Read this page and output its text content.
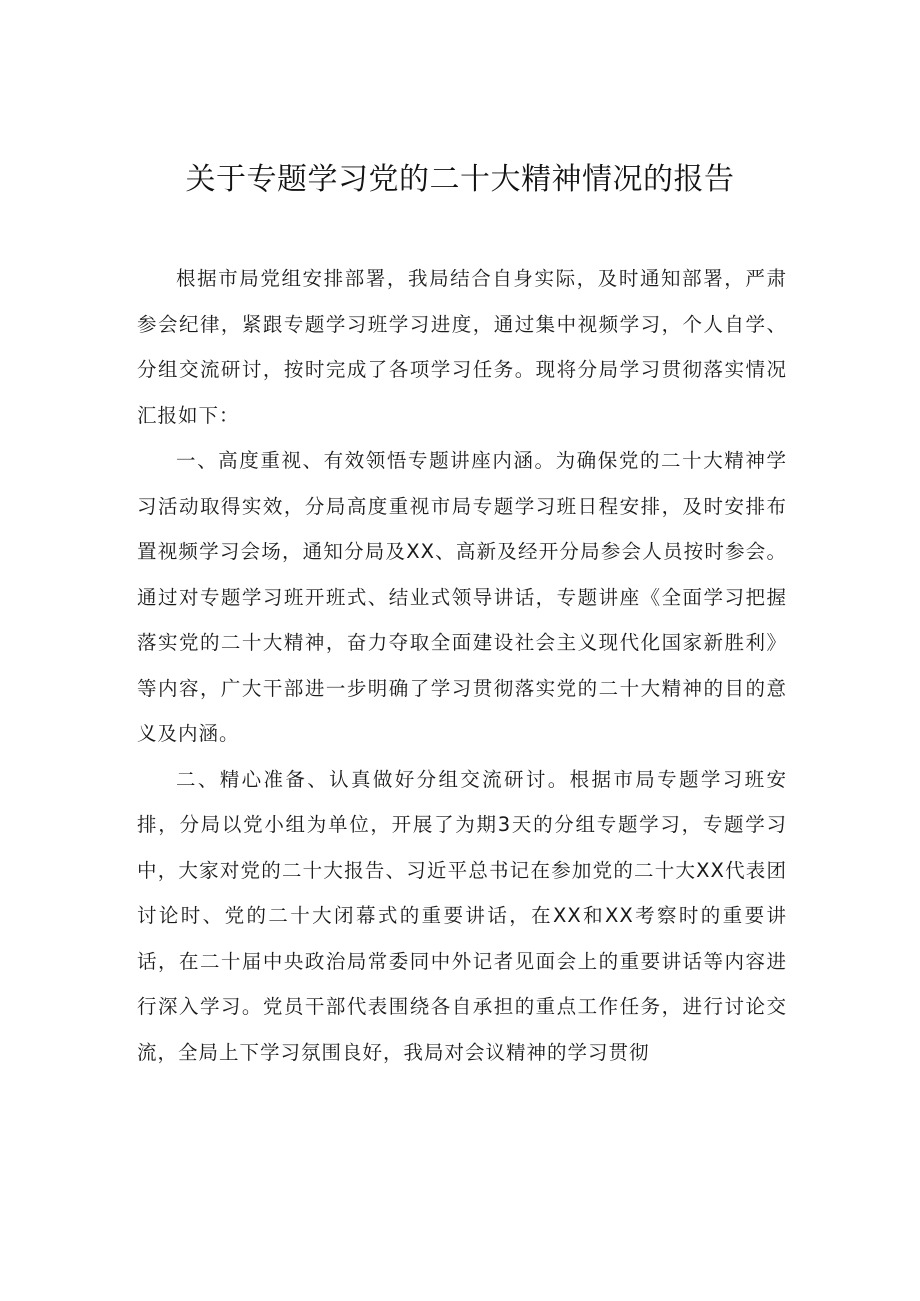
关于专题学习党的二十大精神情况的报告

根据市局党组安排部署，我局结合自身实际，及时通知部署，严肃参会纪律，紧跟专题学习班学习进度，通过集中视频学习，个人自学、分组交流研讨，按时完成了各项学习任务。现将分局学习贯彻落实情况汇报如下：

一、高度重视、有效领悟专题讲座内涵。为确保党的二十大精神学习活动取得实效，分局高度重视市局专题学习班日程安排，及时安排布置视频学习会场，通知分局及XX、高新及经开分局参会人员按时参会。通过对专题学习班开班式、结业式领导讲话，专题讲座《全面学习把握落实党的二十大精神，奋力夺取全面建设社会主义现代化国家新胜利》等内容，广大干部进一步明确了学习贯彻落实党的二十大精神的目的意义及内涵。

二、精心准备、认真做好分组交流研讨。根据市局专题学习班安排，分局以党小组为单位，开展了为期3天的分组专题学习，专题学习中，大家对党的二十大报告、习近平总书记在参加党的二十大XX代表团讨论时、党的二十大闭幕式的重要讲话，在XX和XX考察时的重要讲话，在二十届中央政治局常委同中外记者见面会上的重要讲话等内容进行深入学习。党员干部代表围绕各自承担的重点工作任务，进行讨论交流，全局上下学习氛围良好，我局对会议精神的学习贯彻
